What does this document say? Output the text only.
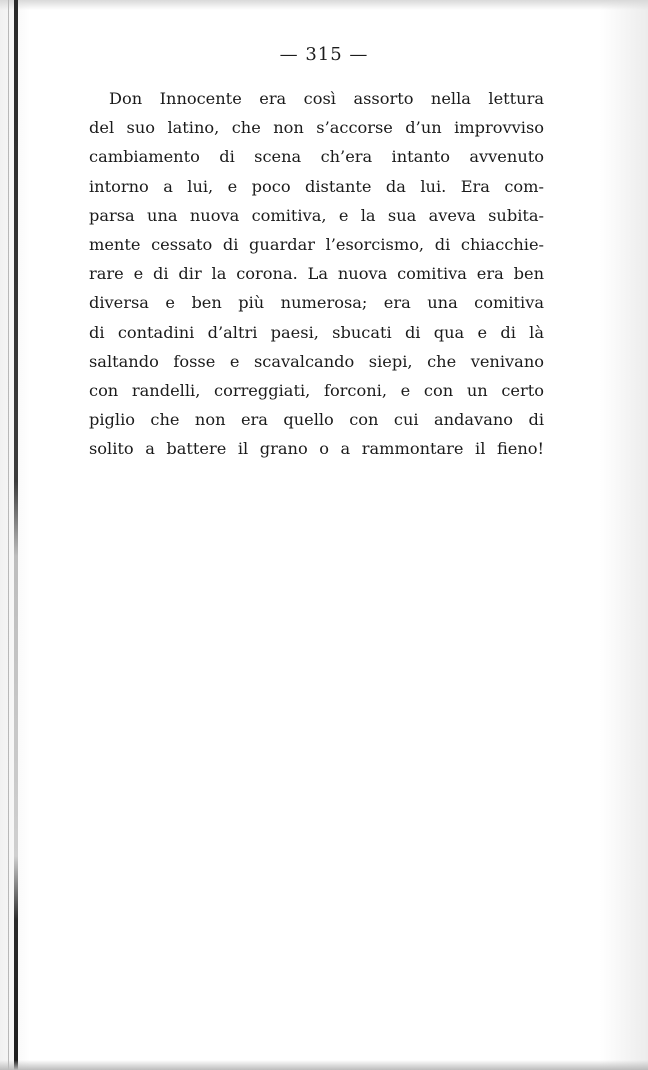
— 315 —
Don Innocente era così assorto nella lettura
del suo latino, che non s’accorse d’un improvviso
cambiamento di scena ch’era intanto avvenuto
intorno a lui, e poco distante da lui. Era com-
parsa una nuova comitiva, e la sua aveva subita-
mente cessato di guardar l’esorcismo, di chiacchie-
rare e di dir la corona. La nuova comitiva era ben
diversa e ben più numerosa; era una comitiva
di contadini d’altri paesi, sbucati di qua e di là
saltando fosse e scavalcando siepi, che venivano
con randelli, correggiati, forconi, e con un certo
piglio che non era quello con cui andavano di
solito a battere il grano o a rammontare il fieno!
